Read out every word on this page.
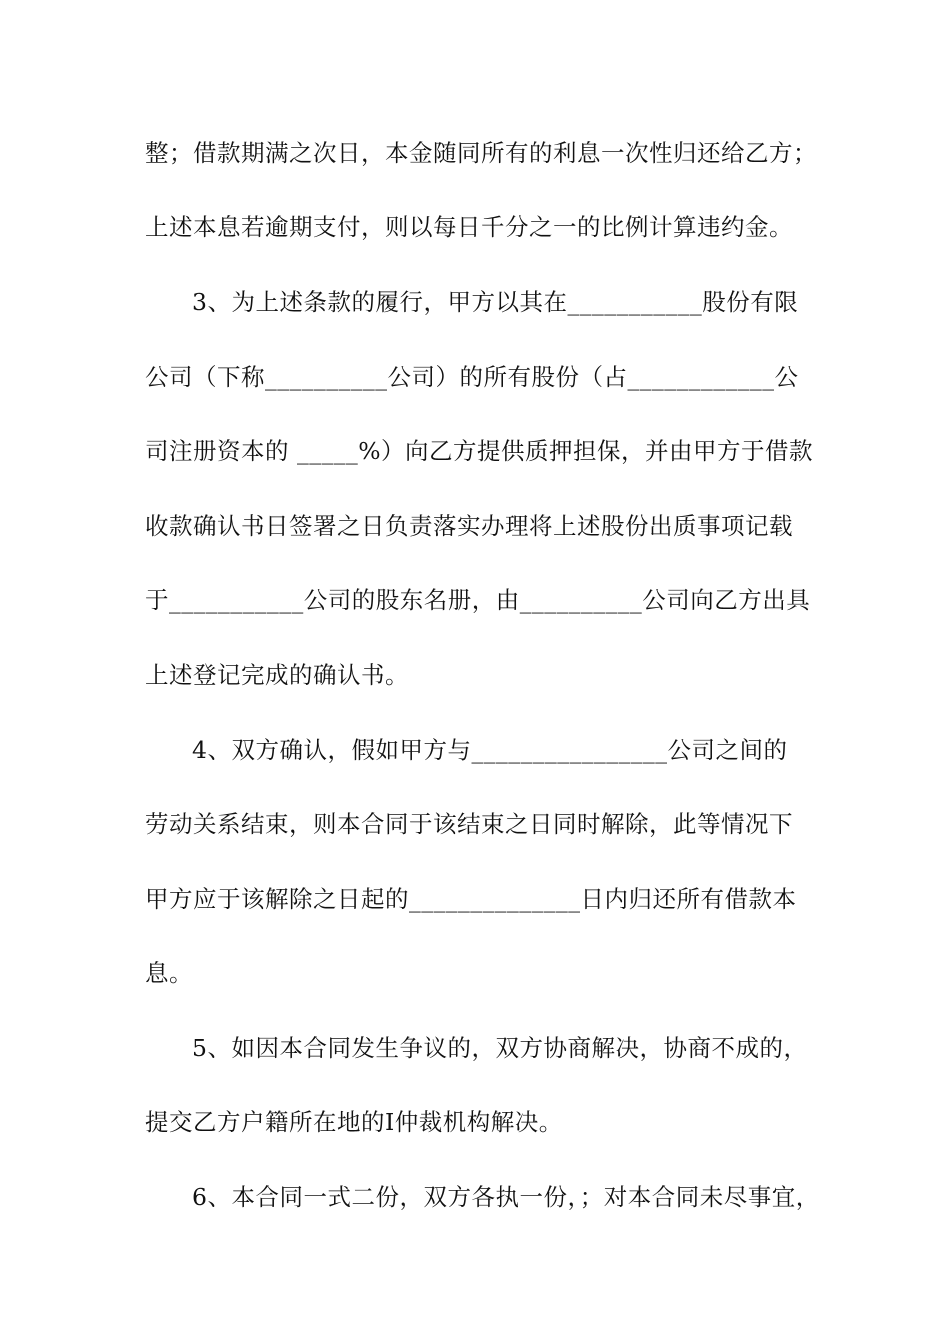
整；借款期满之次日，本金随同所有的利息一次性归还给乙方；
上述本息若逾期支付，则以每日千分之一的比例计算违约金。
3、为上述条款的履行，甲方以其在___________股份有限
公司（下称__________公司）的所有股份（占____________公
司注册资本的 _____%）向乙方提供质押担保，并由甲方于借款
收款确认书日签署之日负责落实办理将上述股份出质事项记载
于___________公司的股东名册，由__________公司向乙方出具
上述登记完成的确认书。
4、双方确认，假如甲方与________________公司之间的
劳动关系结束，则本合同于该结束之日同时解除，此等情况下
甲方应于该解除之日起的______________日内归还所有借款本
息。
5、如因本合同发生争议的，双方协商解决，协商不成的，
提交乙方户籍所在地的I仲裁机构解决。
6、本合同一式二份，双方各执一份，；对本合同未尽事宜，
